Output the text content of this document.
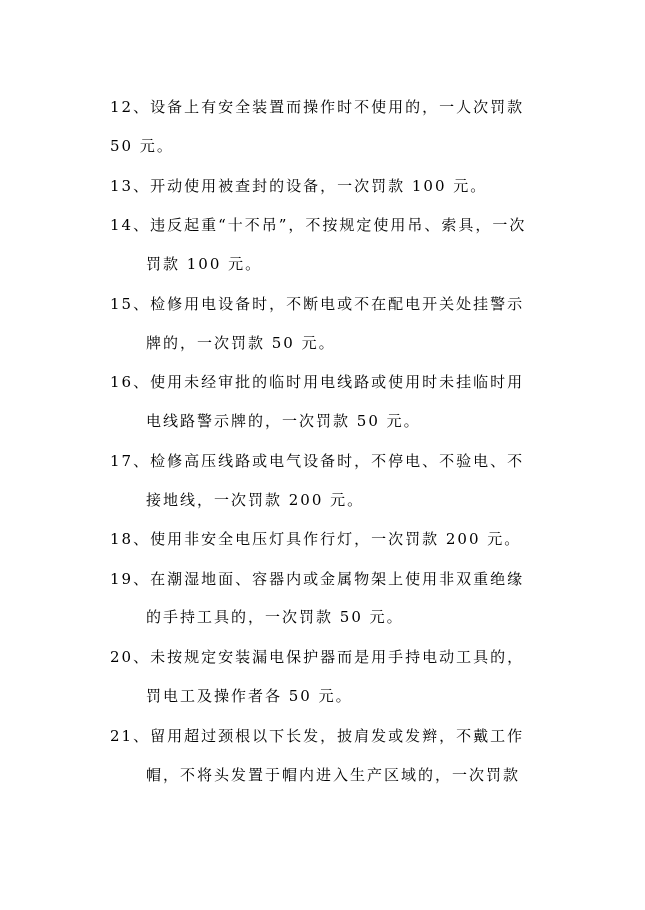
12、设备上有安全装置而操作时不使用的，一人次罚款
50 元。
13、开动使用被查封的设备，一次罚款 100 元。
14、违反起重“十不吊”，不按规定使用吊、索具，一次
罚款 100 元。
15、检修用电设备时，不断电或不在配电开关处挂警示
牌的，一次罚款 50 元。
16、使用未经审批的临时用电线路或使用时未挂临时用
电线路警示牌的，一次罚款 50 元。
17、检修高压线路或电气设备时，不停电、不验电、不
接地线，一次罚款 200 元。
18、使用非安全电压灯具作行灯，一次罚款 200 元。
19、在潮湿地面、容器内或金属物架上使用非双重绝缘
的手持工具的，一次罚款 50 元。
20、未按规定安装漏电保护器而是用手持电动工具的，
罚电工及操作者各 50 元。
21、留用超过颈根以下长发，披肩发或发辫，不戴工作
帽，不将头发置于帽内进入生产区域的，一次罚款
